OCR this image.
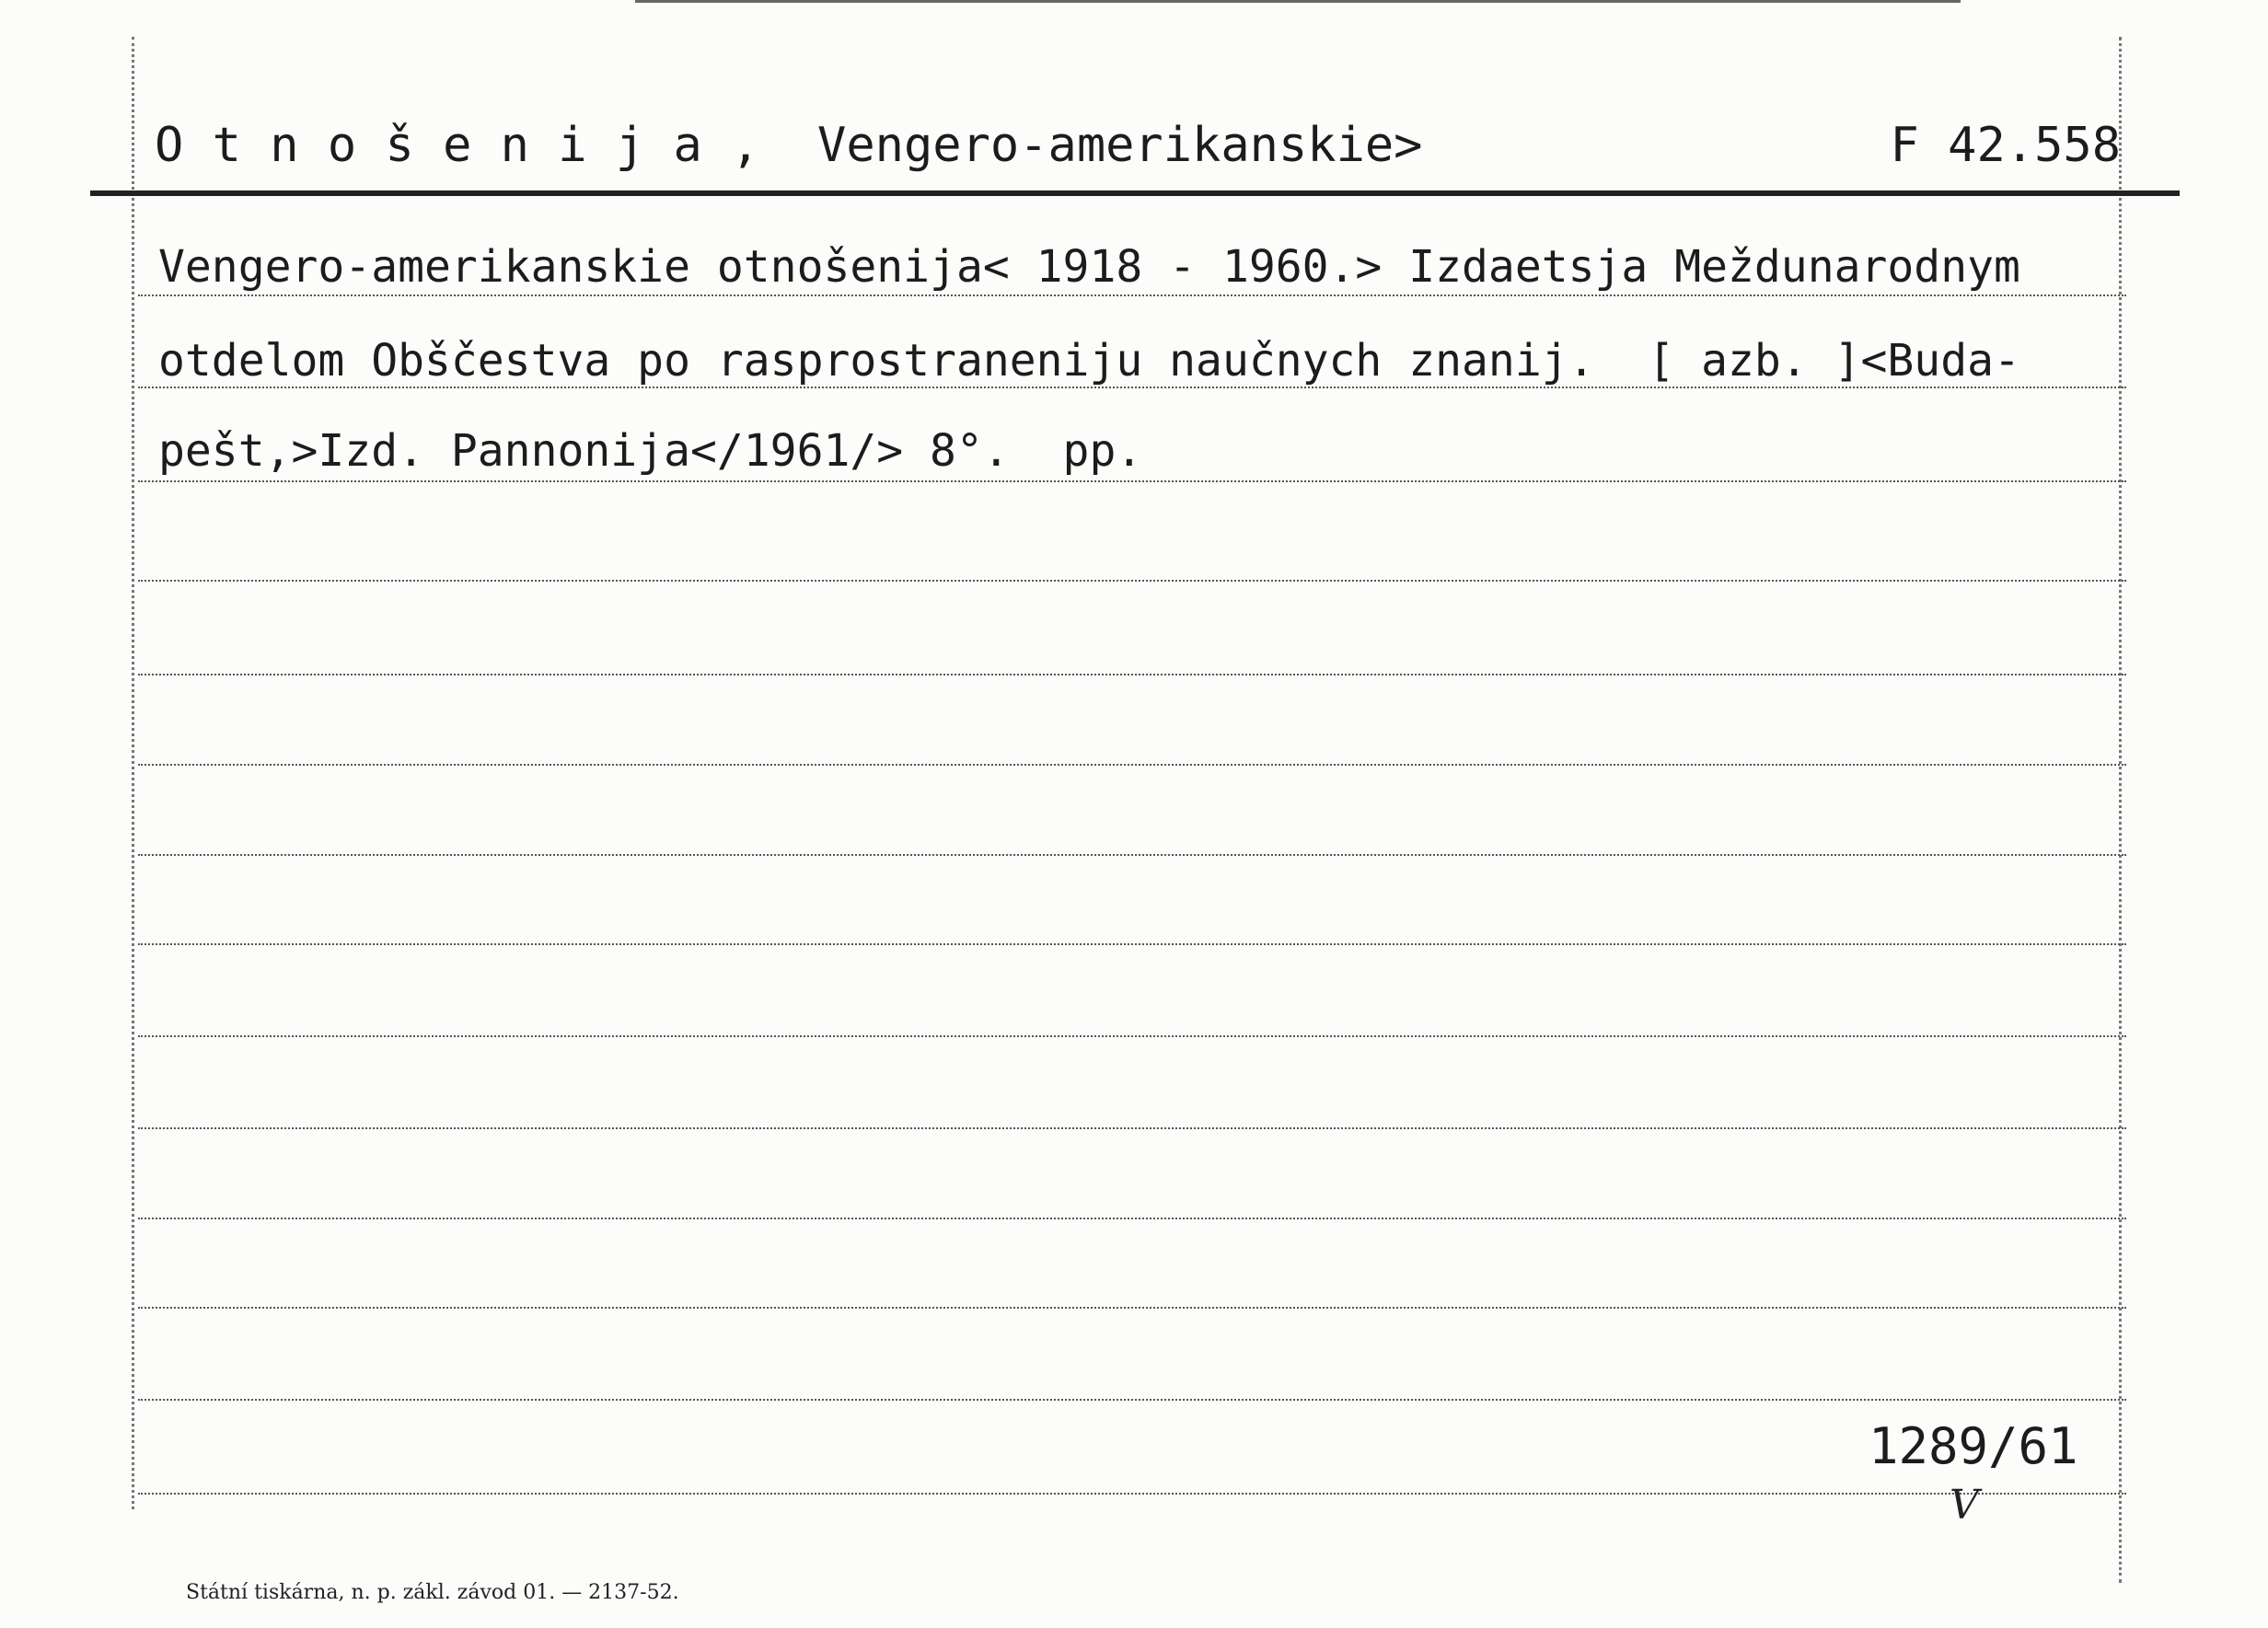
O t n o š e n i j a ,  Vengero-amerikanskie>	F 42.558
Vengero-amerikanskie otnošenija< 1918 - 1960.> Izdaetsja Meždunarodnym
otdelom Obščestva po rasprostraneniju naučnych znanij.  [ azb. ]<Buda-
pešt,>Izd. Pannonija</1961/> 8°.  pp.
1289/61
V
Státní tiskárna, n. p. zákl. závod 01. — 2137-52.
